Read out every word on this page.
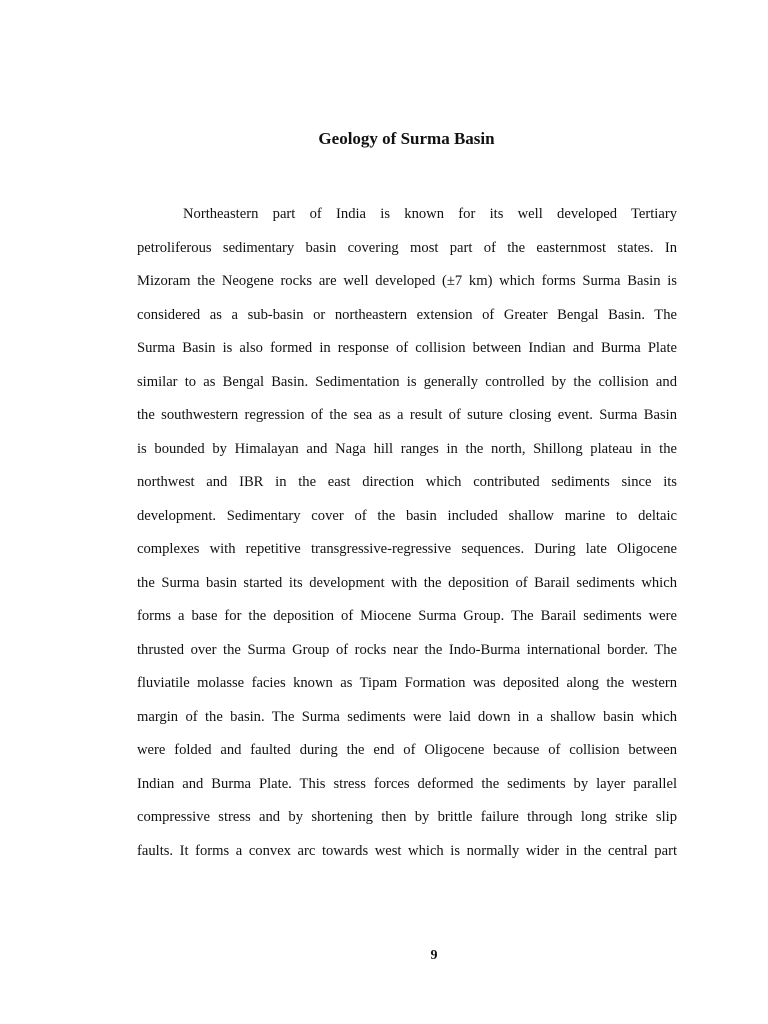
Geology of Surma Basin
Northeastern part of India is known for its well developed Tertiary
petroliferous sedimentary basin covering most part of the easternmost states. In
Mizoram the Neogene rocks are well developed (±7 km) which forms Surma Basin is
considered as a sub-basin or northeastern extension of Greater Bengal Basin. The
Surma Basin is also formed in response of collision between Indian and Burma Plate
similar to as Bengal Basin. Sedimentation is generally controlled by the collision and
the southwestern regression of the sea as a result of suture closing event. Surma Basin
is bounded by Himalayan and Naga hill ranges in the north, Shillong plateau in the
northwest and IBR in the east direction which contributed sediments since its
development. Sedimentary cover of the basin included shallow marine to deltaic
complexes with repetitive transgressive-regressive sequences. During late Oligocene
the Surma basin started its development with the deposition of Barail sediments which
forms a base for the deposition of Miocene Surma Group. The Barail sediments were
thrusted over the Surma Group of rocks near the Indo-Burma international border. The
fluviatile molasse facies known as Tipam Formation was deposited along the western
margin of the basin. The Surma sediments were laid down in a shallow basin which
were folded and faulted during the end of Oligocene because of collision between
Indian and Burma Plate. This stress forces deformed the sediments by layer parallel
compressive stress and by shortening then by brittle failure through long strike slip
faults. It forms a convex arc towards west which is normally wider in the central part
9
